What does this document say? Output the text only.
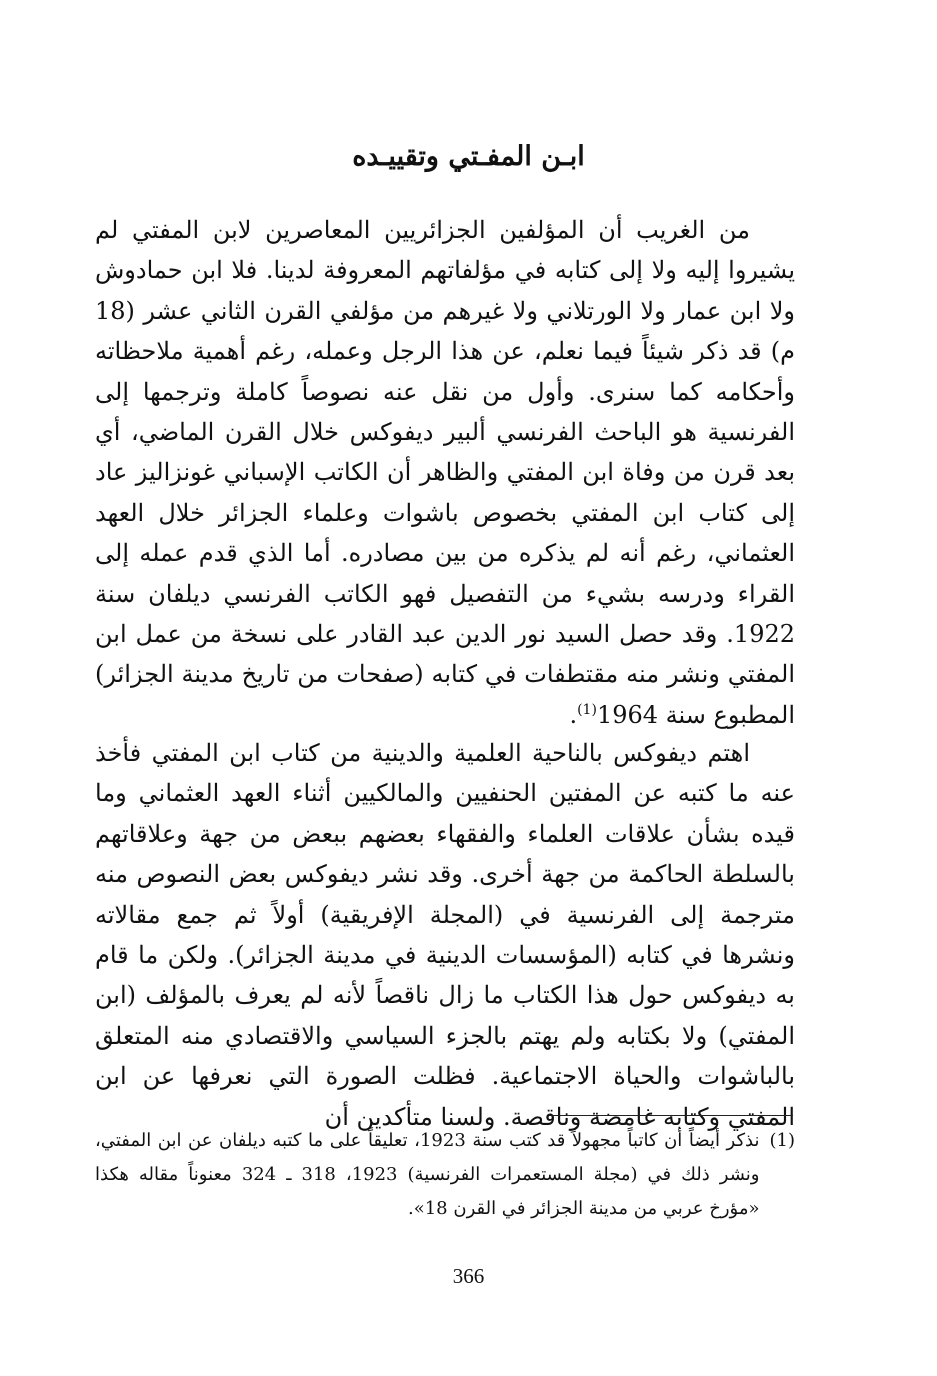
ابـن المفـتي وتقييـده

من الغريب أن المؤلفين الجزائريين المعاصرين لابن المفتي لم يشيروا إليه ولا إلى كتابه في مؤلفاتهم المعروفة لدينا. فلا ابن حمادوش ولا ابن عمار ولا الورتلاني ولا غيرهم من مؤلفي القرن الثاني عشر (18 م) قد ذكر شيئاً فيما نعلم، عن هذا الرجل وعمله، رغم أهمية ملاحظاته وأحكامه كما سنرى. وأول من نقل عنه نصوصاً كاملة وترجمها إلى الفرنسية هو الباحث الفرنسي ألبير ديفوكس خلال القرن الماضي، أي بعد قرن من وفاة ابن المفتي والظاهر أن الكاتب الإسباني غونزاليز عاد إلى كتاب ابن المفتي بخصوص باشوات وعلماء الجزائر خلال العهد العثماني، رغم أنه لم يذكره من بين مصادره. أما الذي قدم عمله إلى القراء ودرسه بشيء من التفصيل فهو الكاتب الفرنسي ديلفان سنة 1922. وقد حصل السيد نور الدين عبد القادر على نسخة من عمل ابن المفتي ونشر منه مقتطفات في كتابه (صفحات من تاريخ مدينة الجزائر) المطبوع سنة 1964$^{(1)}$.

اهتم ديفوكس بالناحية العلمية والدينية من كتاب ابن المفتي فأخذ عنه ما كتبه عن المفتين الحنفيين والمالكيين أثناء العهد العثماني وما قيده بشأن علاقات العلماء والفقهاء بعضهم ببعض من جهة وعلاقاتهم بالسلطة الحاكمة من جهة أخرى. وقد نشر ديفوكس بعض النصوص منه مترجمة إلى الفرنسية في (المجلة الإفريقية) أولاً ثم جمع مقالاته ونشرها في كتابه (المؤسسات الدينية في مدينة الجزائر). ولكن ما قام به ديفوكس حول هذا الكتاب ما زال ناقصاً لأنه لم يعرف بالمؤلف (ابن المفتي) ولا بكتابه ولم يهتم بالجزء السياسي والاقتصادي منه المتعلق بالباشوات والحياة الاجتماعية. فظلت الصورة التي نعرفها عن ابن المفتي وكتابه غامضة وناقصة. ولسنا متأكدين أن

(1)
نذكر أيضاً أن كاتباً مجهولاً قد كتب سنة 1923، تعليقاً على ما كتبه ديلفان عن ابن المفتي، ونشر ذلك في (مجلة المستعمرات الفرنسية) 1923، 318 ـ 324 معنوناً مقاله هكذا «مؤرخ عربي من مدينة الجزائر في القرن 18».
366
